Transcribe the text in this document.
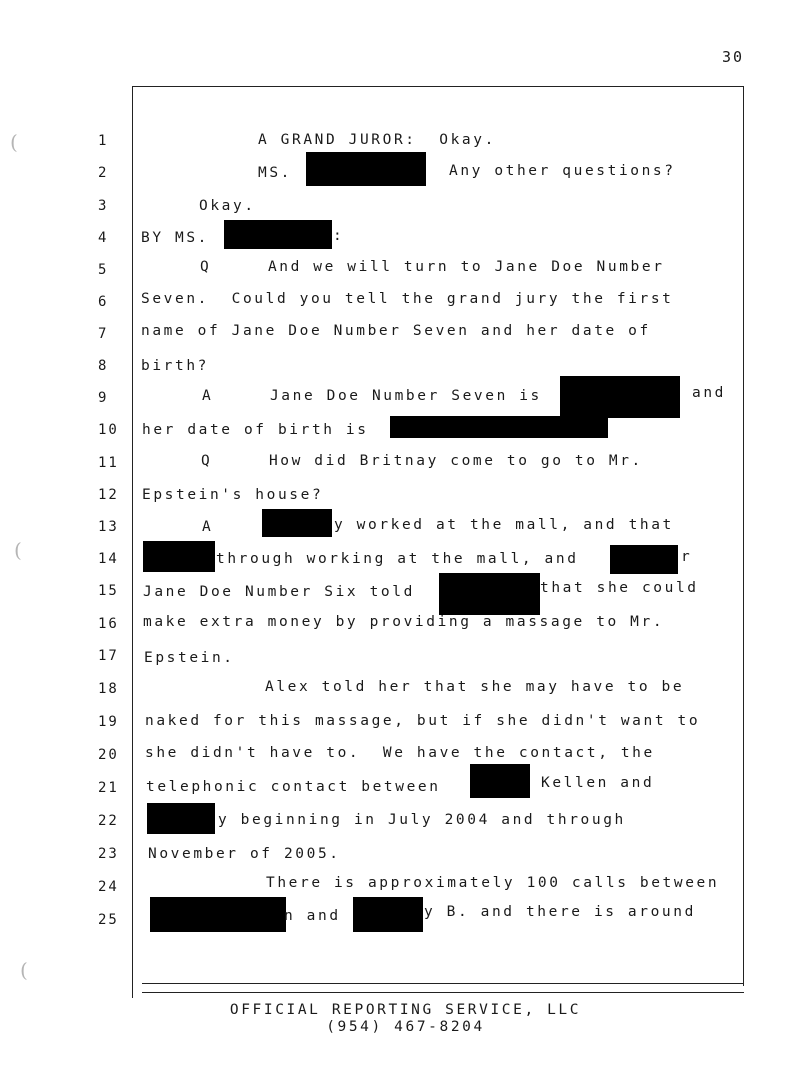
30
1
2
3
4
5
6
7
8
9
10
11
12
13
14
15
16
17
18
19
20
21
22
23
24
25
A GRAND JUROR:  Okay.
MS.	Any other questions?
Okay.
BY MS.	:
Q     And we will turn to Jane Doe Number
Seven.  Could you tell the grand jury the first
name of Jane Doe Number Seven and her date of
birth?
A     Jane Doe Number Seven is	and
her date of birth is
Q     How did Britnay come to go to Mr.
Epstein's house?
A	y worked at the mall, and that
through working at the mall, and	r
Jane Doe Number Six told	that she could
make extra money by providing a massage to Mr.
Epstein.
Alex told her that she may have to be
naked for this massage, but if she didn't want to
she didn't have to.  We have the contact, the
telephonic contact between	Kellen and
y beginning in July 2004 and through
November of 2005.
There is approximately 100 calls between
n and	y B. and there is around
OFFICIAL REPORTING SERVICE, LLC
(954) 467-8204
(
(
(
